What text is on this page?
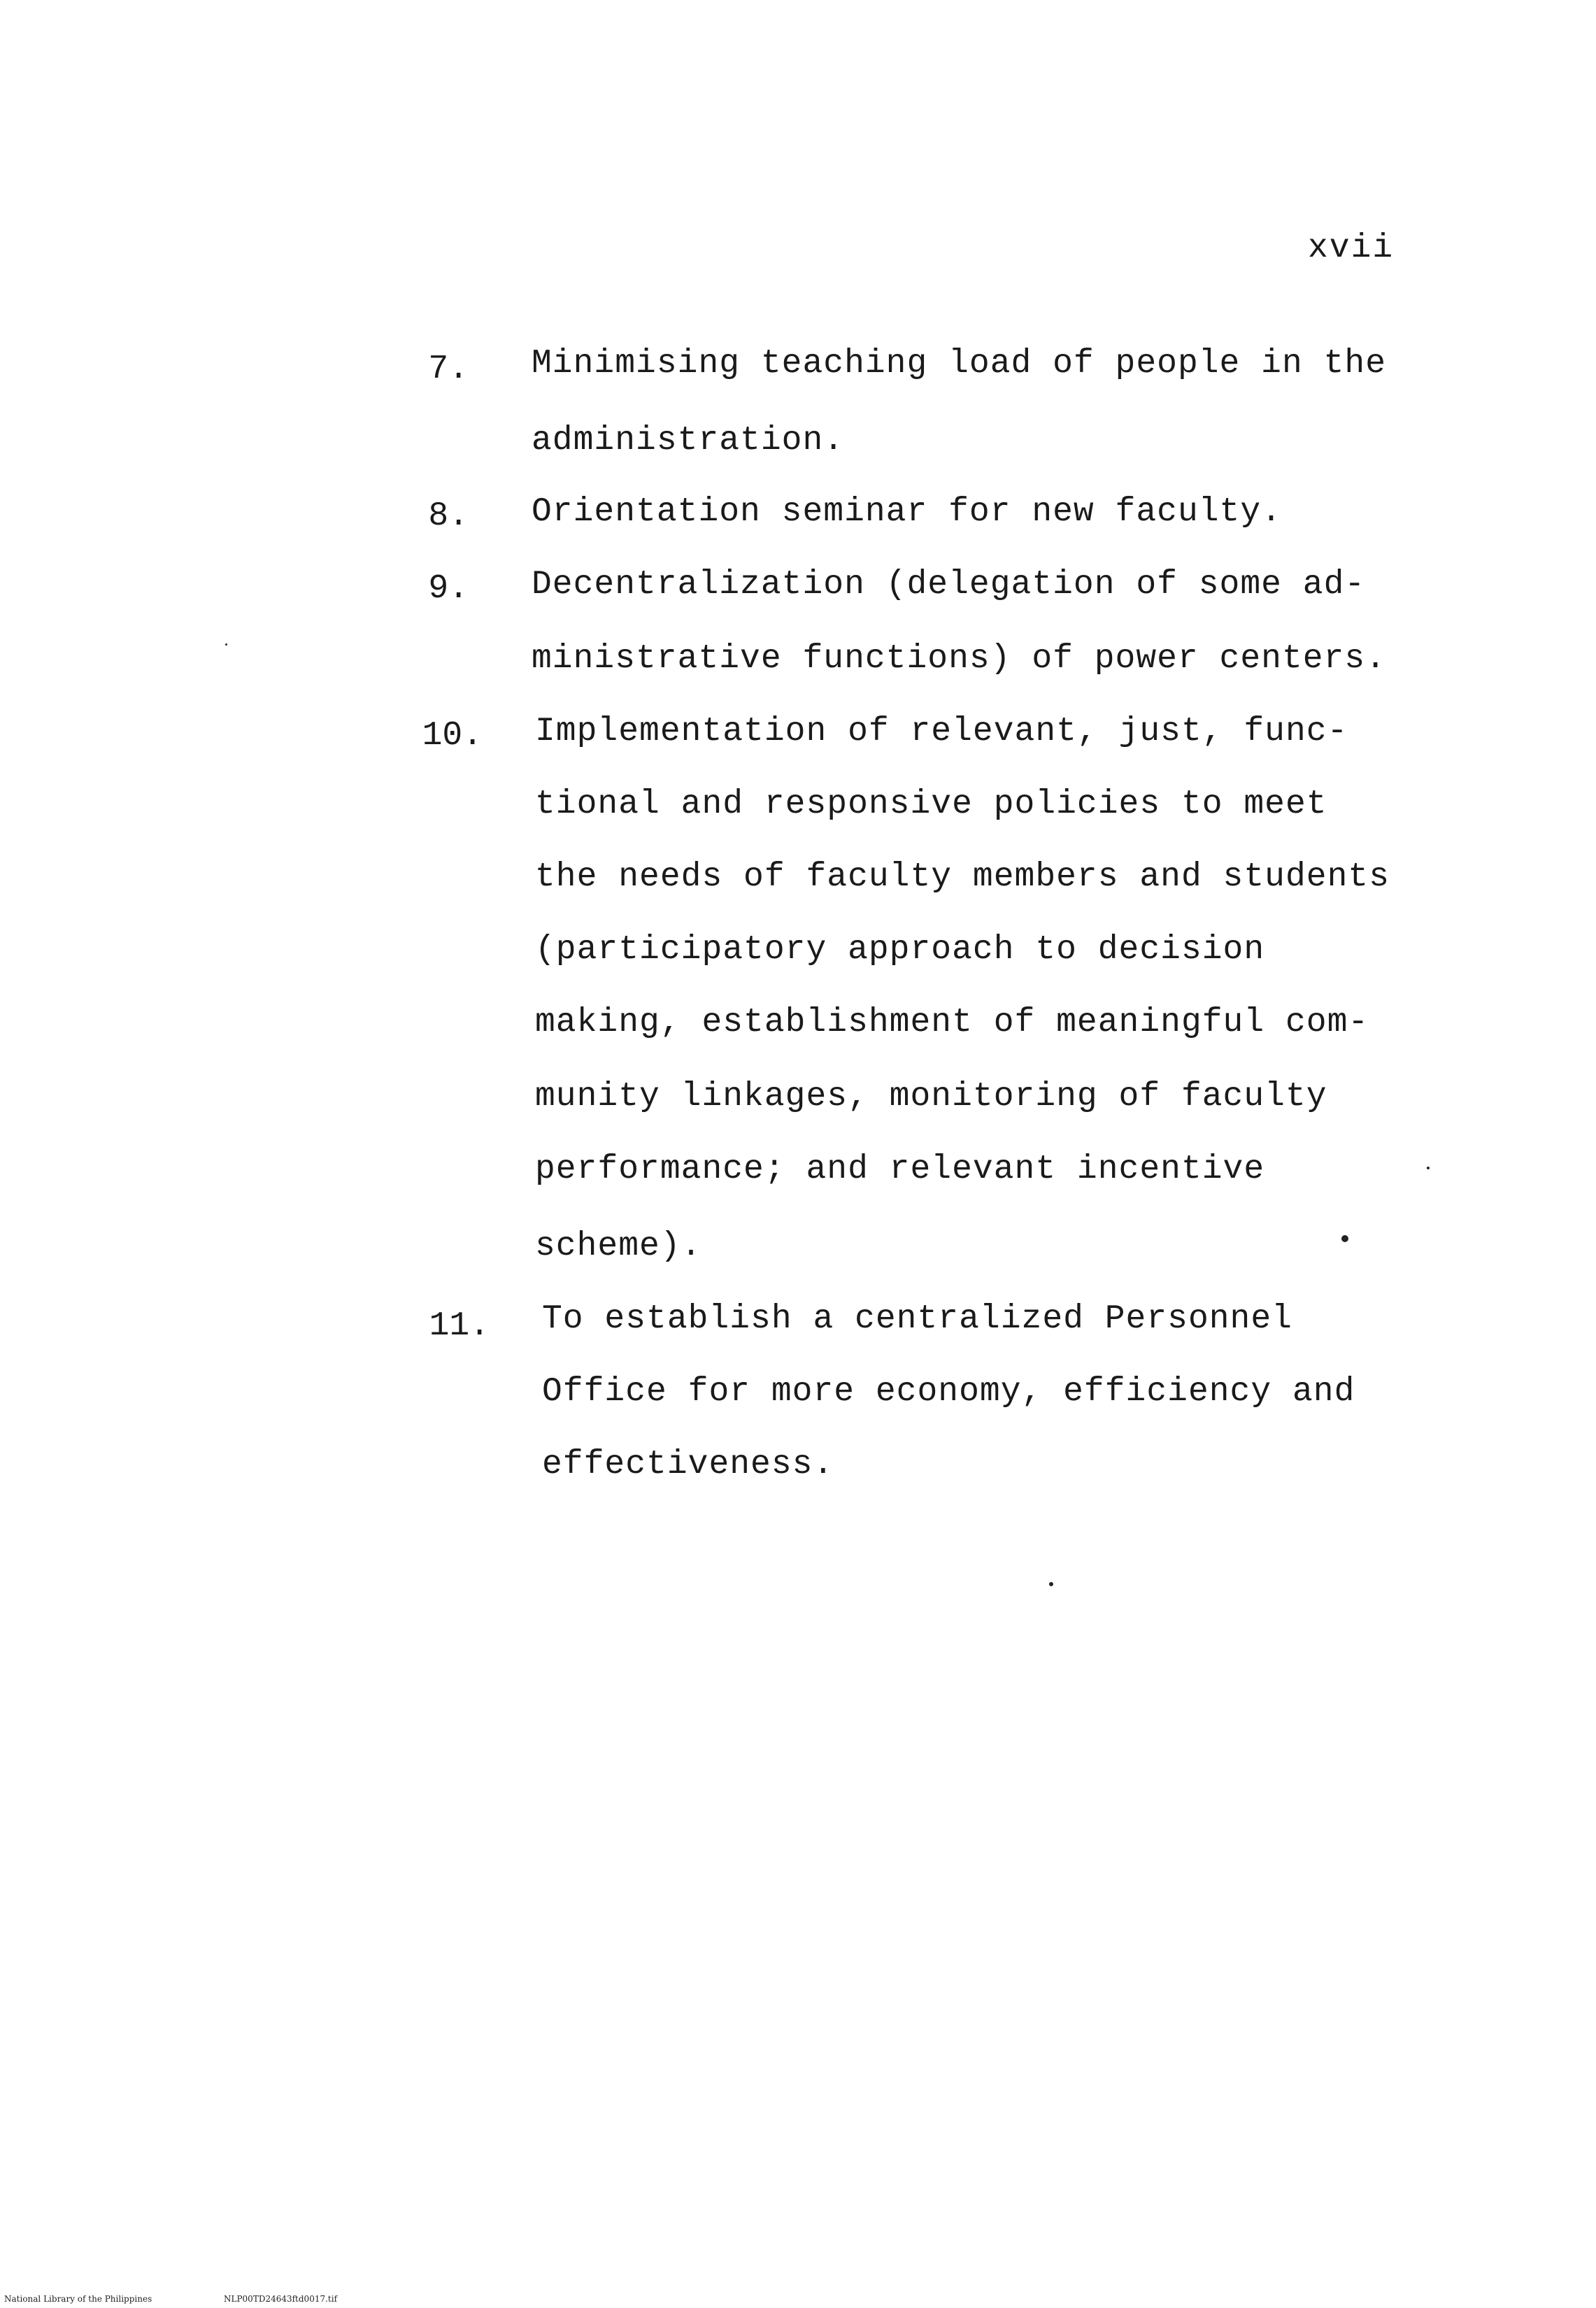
xvii
7. Minimising teaching load of people in the
administration.
8. Orientation seminar for new faculty.
9. Decentralization (delegation of some ad-
ministrative functions) of power centers.
10. Implementation of relevant, just, func-
tional and responsive policies to meet
the needs of faculty members and students
(participatory approach to decision
making, establishment of meaningful com-
munity linkages, monitoring of faculty
performance; and relevant incentive
scheme).
11. To establish a centralized Personnel
Office for more economy, efficiency and
effectiveness.
National Library of the Philippines	NLP00TD24643ftd0017.tif
